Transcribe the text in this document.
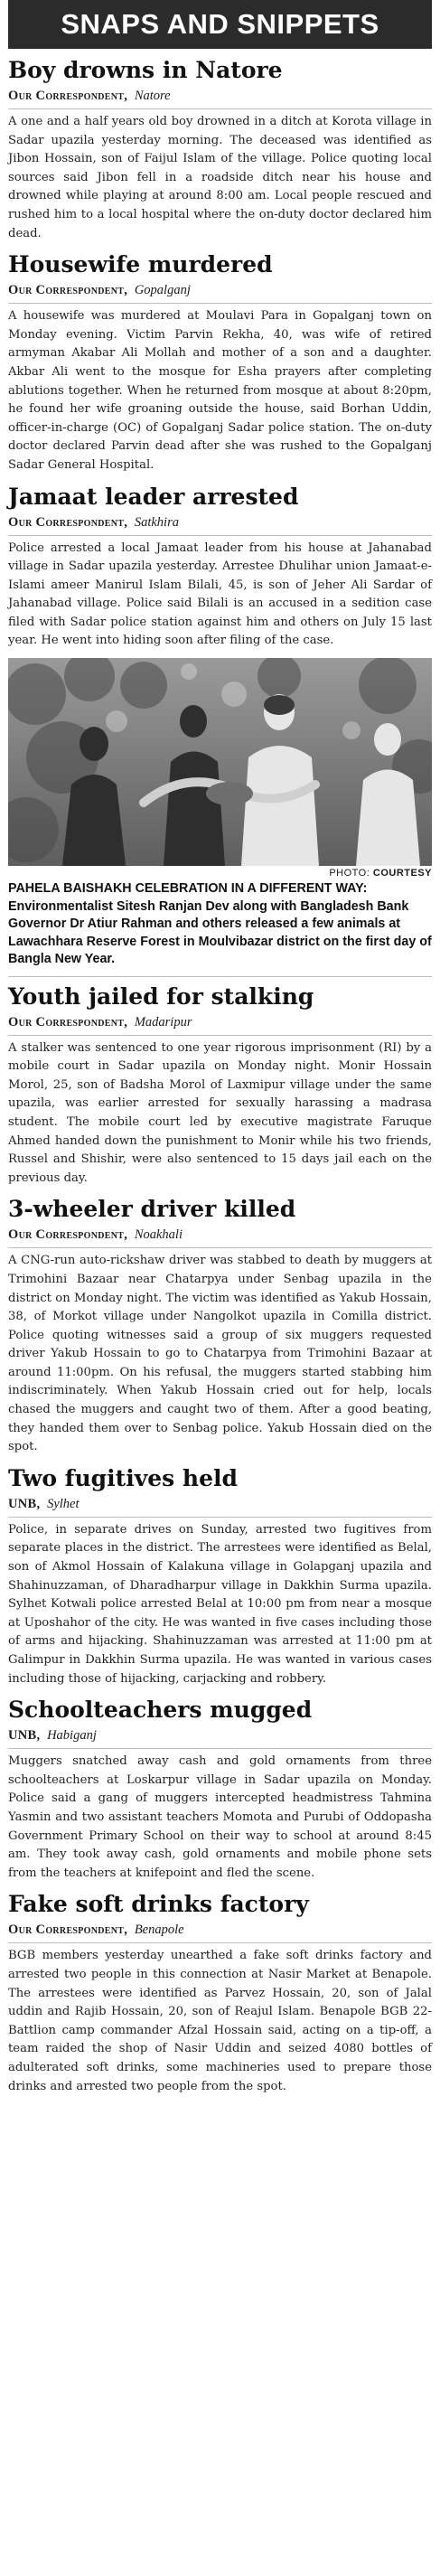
SNAPS AND SNIPPETS
Boy drowns in Natore
Our Correspondent, Natore

A one and a half years old boy drowned in a ditch at Korota village in Sadar upazila yesterday morning. The deceased was identified as Jibon Hossain, son of Faijul Islam of the village. Police quoting local sources said Jibon fell in a roadside ditch near his house and drowned while playing at around 8:00 am. Local people rescued and rushed him to a local hospital where the on-duty doctor declared him dead.

Housewife murdered
Our Correspondent, Gopalganj

A housewife was murdered at Moulavi Para in Gopalganj town on Monday evening. Victim Parvin Rekha, 40, was wife of retired armyman Akabar Ali Mollah and mother of a son and a daughter. Akbar Ali went to the mosque for Esha prayers after completing ablutions together. When he returned from mosque at about 8:20pm, he found her wife groaning outside the house, said Borhan Uddin, officer-in-charge (OC) of Gopalganj Sadar police station. The on-duty doctor declared Parvin dead after she was rushed to the Gopalganj Sadar General Hospital.

Jamaat leader arrested
Our Correspondent, Satkhira

Police arrested a local Jamaat leader from his house at Jahanabad village in Sadar upazila yesterday. Arrestee Dhulihar union Jamaat-e-Islami ameer Manirul Islam Bilali, 45, is son of Jeher Ali Sardar of Jahanabad village. Police said Bilali is an accused in a sedition case filed with Sadar police station against him and others on July 15 last year. He went into hiding soon after filing of the case.

PHOTO: COURTESY

PAHELA BAISHAKH CELEBRATION IN A DIFFERENT WAY: Environmentalist Sitesh Ranjan Dev along with Bangladesh Bank Governor Dr Atiur Rahman and others released a few animals at Lawachhara Reserve Forest in Moulvibazar district on the first day of Bangla New Year.

Youth jailed for stalking
Our Correspondent, Madaripur

A stalker was sentenced to one year rigorous imprisonment (RI) by a mobile court in Sadar upazila on Monday night. Monir Hossain Morol, 25, son of Badsha Morol of Laxmipur village under the same upazila, was earlier arrested for sexually harassing a madrasa student. The mobile court led by executive magistrate Faruque Ahmed handed down the punishment to Monir while his two friends, Russel and Shishir, were also sentenced to 15 days jail each on the previous day.

3-wheeler driver killed
Our Correspondent, Noakhali

A CNG-run auto-rickshaw driver was stabbed to death by muggers at Trimohini Bazaar near Chatarpya under Senbag upazila in the district on Monday night. The victim was identified as Yakub Hossain, 38, of Morkot village under Nangolkot upazila in Comilla district. Police quoting witnesses said a group of six muggers requested driver Yakub Hossain to go to Chatarpya from Trimohini Bazaar at around 11:00pm. On his refusal, the muggers started stabbing him indiscriminately. When Yakub Hossain cried out for help, locals chased the muggers and caught two of them. After a good beating, they handed them over to Senbag police. Yakub Hossain died on the spot.

Two fugitives held
UNB, Sylhet

Police, in separate drives on Sunday, arrested two fugitives from separate places in the district. The arrestees were identified as Belal, son of Akmol Hossain of Kalakuna village in Golapganj upazila and Shahinuzzaman, of Dharadharpur village in Dakkhin Surma upazila. Sylhet Kotwali police arrested Belal at 10:00 pm from near a mosque at Uposhahor of the city. He was wanted in five cases including those of arms and hijacking. Shahinuzzaman was arrested at 11:00 pm at Galimpur in Dakkhin Surma upazila. He was wanted in various cases including those of hijacking, carjacking and robbery.

Schoolteachers mugged
UNB, Habiganj

Muggers snatched away cash and gold ornaments from three schoolteachers at Loskarpur village in Sadar upazila on Monday. Police said a gang of muggers intercepted headmistress Tahmina Yasmin and two assistant teachers Momota and Purubi of Oddopasha Government Primary School on their way to school at around 8:45 am. They took away cash, gold ornaments and mobile phone sets from the teachers at knifepoint and fled the scene.

Fake soft drinks factory
Our Correspondent, Benapole

BGB members yesterday unearthed a fake soft drinks factory and arrested two people in this connection at Nasir Market at Benapole. The arrestees were identified as Parvez Hossain, 20, son of Jalal uddin and Rajib Hossain, 20, son of Reajul Islam. Benapole BGB 22-Battlion camp commander Afzal Hossain said, acting on a tip-off, a team raided the shop of Nasir Uddin and seized 4080 bottles of adulterated soft drinks, some machineries used to prepare those drinks and arrested two people from the spot.
